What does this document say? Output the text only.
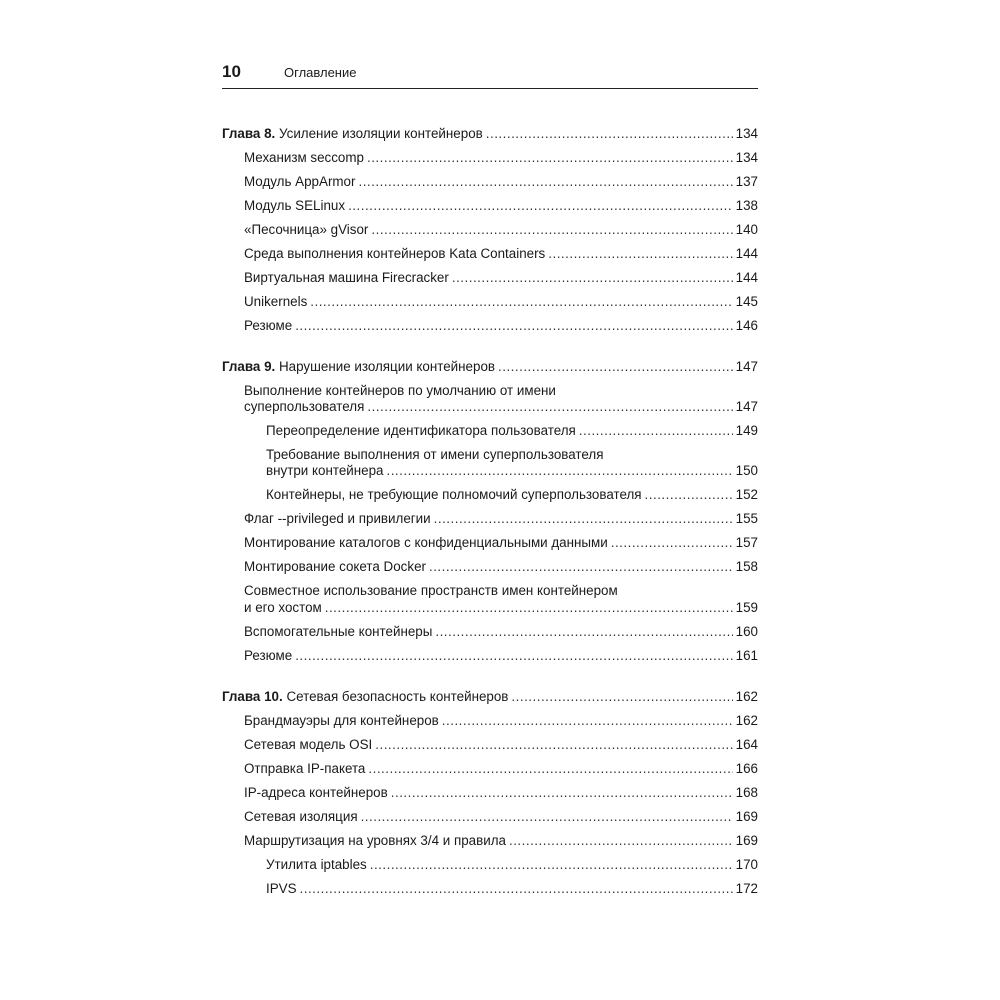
10	Оглавление
Глава 8. Усиление изоляции контейнеров .....	134
Механизм seccomp .....	134
Модуль AppArmor .....	137
Модуль SELinux .....	138
«Песочница» gVisor .....	140
Среда выполнения контейнеров Kata Containers .....	144
Виртуальная машина Firecracker .....	144
Unikernels .....	145
Резюме .....	146
Глава 9. Нарушение изоляции контейнеров .....	147
Выполнение контейнеров по умолчанию от имени
суперпользователя .....	147
Переопределение идентификатора пользователя .....	149
Требование выполнения от имени суперпользователя
внутри контейнера .....	150
Контейнеры, не требующие полномочий суперпользователя .....	152
Флаг --privileged и привилегии .....	155
Монтирование каталогов с конфиденциальными данными .....	157
Монтирование сокета Docker .....	158
Совместное использование пространств имен контейнером
и его хостом .....	159
Вспомогательные контейнеры .....	160
Резюме .....	161
Глава 10. Сетевая безопасность контейнеров .....	162
Брандмауэры для контейнеров .....	162
Сетевая модель OSI .....	164
Отправка IP-пакета .....	166
IP-адреса контейнеров .....	168
Сетевая изоляция .....	169
Маршрутизация на уровнях 3/4 и правила .....	169
Утилита iptables .....	170
IPVS .....	172
